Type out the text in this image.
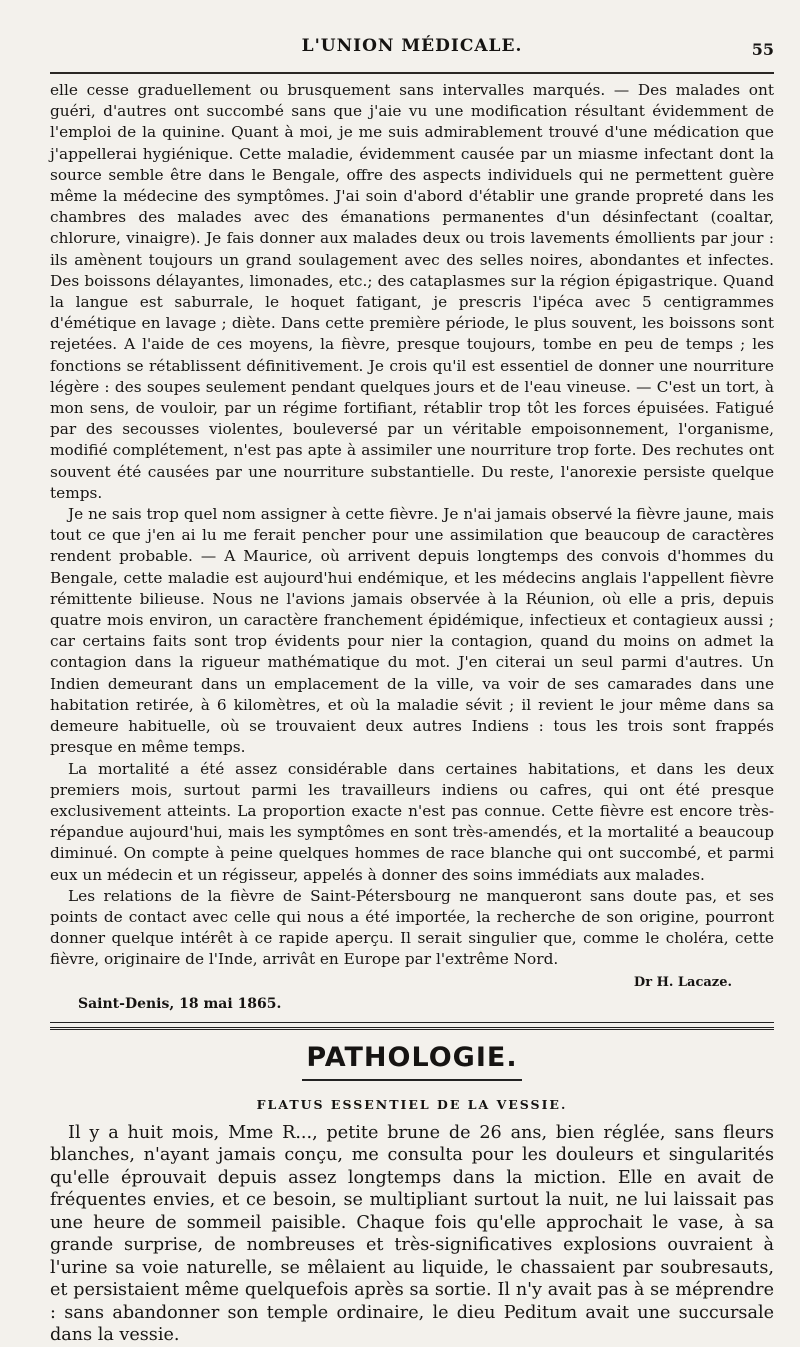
L'UNION MÉDICALE.	55

elle cesse graduellement ou brusquement sans intervalles marqués. — Des malades ont guéri, d'autres ont succombé sans que j'aie vu une modification résultant évidemment de l'emploi de la quinine. Quant à moi, je me suis admirablement trouvé d'une médication que j'appellerai hygiénique. Cette maladie, évidemment causée par un miasme infectant dont la source semble être dans le Bengale, offre des aspects individuels qui ne permettent guère même la médecine des symptômes. J'ai soin d'abord d'établir une grande propreté dans les chambres des malades avec des émanations permanentes d'un désinfectant (coaltar, chlorure, vinaigre). Je fais donner aux malades deux ou trois lavements émollients par jour : ils amènent toujours un grand soulagement avec des selles noires, abondantes et infectes. Des boissons délayantes, limonades, etc.; des cataplasmes sur la région épigastrique. Quand la langue est saburrale, le hoquet fatigant, je prescris l'ipéca avec 5 centigrammes d'émétique en lavage ; diète. Dans cette première période, le plus souvent, les boissons sont rejetées. A l'aide de ces moyens, la fièvre, presque toujours, tombe en peu de temps ; les fonctions se rétablissent définitivement. Je crois qu'il est essentiel de donner une nourriture légère : des soupes seulement pendant quelques jours et de l'eau vineuse. — C'est un tort, à mon sens, de vouloir, par un régime fortifiant, rétablir trop tôt les forces épuisées. Fatigué par des secousses violentes, bouleversé par un véritable empoisonnement, l'organisme, modifié complétement, n'est pas apte à assimiler une nourriture trop forte. Des rechutes ont souvent été causées par une nourriture substantielle. Du reste, l'anorexie persiste quelque temps.

Je ne sais trop quel nom assigner à cette fièvre. Je n'ai jamais observé la fièvre jaune, mais tout ce que j'en ai lu me ferait pencher pour une assimilation que beaucoup de caractères rendent probable. — A Maurice, où arrivent depuis longtemps des convois d'hommes du Bengale, cette maladie est aujourd'hui endémique, et les médecins anglais l'appellent fièvre rémittente bilieuse. Nous ne l'avions jamais observée à la Réunion, où elle a pris, depuis quatre mois environ, un caractère franchement épidémique, infectieux et contagieux aussi ; car certains faits sont trop évidents pour nier la contagion, quand du moins on admet la contagion dans la rigueur mathématique du mot. J'en citerai un seul parmi d'autres. Un Indien demeurant dans un emplacement de la ville, va voir de ses camarades dans une habitation retirée, à 6 kilomètres, et où la maladie sévit ; il revient le jour même dans sa demeure habituelle, où se trouvaient deux autres Indiens : tous les trois sont frappés presque en même temps.

La mortalité a été assez considérable dans certaines habitations, et dans les deux premiers mois, surtout parmi les travailleurs indiens ou cafres, qui ont été presque exclusivement atteints. La proportion exacte n'est pas connue. Cette fièvre est encore très-répandue aujourd'hui, mais les symptômes en sont très-amendés, et la mortalité a beaucoup diminué. On compte à peine quelques hommes de race blanche qui ont succombé, et parmi eux un médecin et un régisseur, appelés à donner des soins immédiats aux malades.

Les relations de la fièvre de Saint-Pétersbourg ne manqueront sans doute pas, et ses points de contact avec celle qui nous a été importée, la recherche de son origine, pourront donner quelque intérêt à ce rapide aperçu. Il serait singulier que, comme le choléra, cette fièvre, originaire de l'Inde, arrivât en Europe par l'extrême Nord.

Dr H. Lacaze.
Saint-Denis, 18 mai 1865.
PATHOLOGIE.
FLATUS ESSENTIEL DE LA VESSIE.

Il y a huit mois, Mme R..., petite brune de 26 ans, bien réglée, sans fleurs blanches, n'ayant jamais conçu, me consulta pour les douleurs et singularités qu'elle éprouvait depuis assez longtemps dans la miction. Elle en avait de fréquentes envies, et ce besoin, se multipliant surtout la nuit, ne lui laissait pas une heure de sommeil paisible. Chaque fois qu'elle approchait le vase, à sa grande surprise, de nombreuses et très-significatives explosions ouvraient à l'urine sa voie naturelle, se mêlaient au liquide, le chassaient par soubresauts, et persistaient même quelquefois après sa sortie. Il n'y avait pas à se méprendre : sans abandonner son temple ordinaire, le dieu Peditum avait une succursale dans la vessie.
